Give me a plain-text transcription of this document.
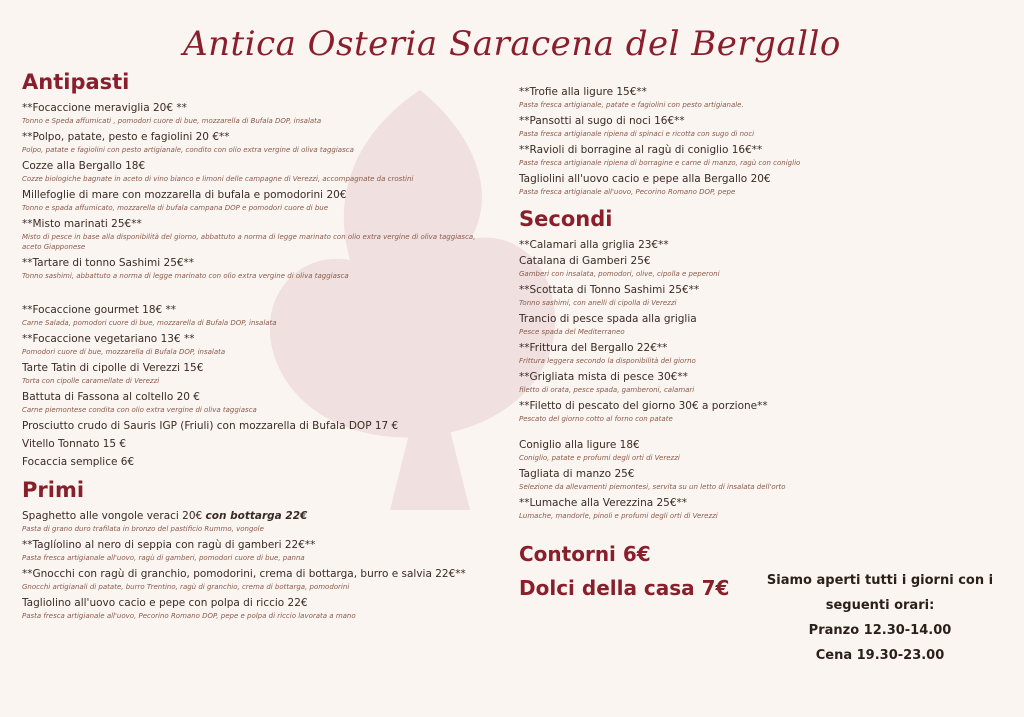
Antica Osteria Saracena del Bergallo
Antipasti
**Focaccione meraviglia 20€ **
Tonno e Speda affumicati , pomodori cuore di bue, mozzarella di Bufala DOP, insalata
**Polpo, patate, pesto e fagiolini 20 €**
Polpo, patate e fagiolini con pesto artigianale, condito con olio extra vergine di oliva taggiasca
Cozze alla Bergallo 18€
Cozze biologiche bagnate in aceto di vino bianco e limoni delle campagne di Verezzi, accompagnate da crostini
Millefoglie di mare con mozzarella di bufala e pomodorini 20€
Tonno e spada affumicato, mozzarella di bufala campana DOP e pomodori cuore di bue
**Misto marinati 25€**
Misto di pesce in base alla disponibilità del giorno, abbattuto a norma di legge marinato con olio extra vergine di oliva taggiasca, aceto Giapponese
**Tartare di tonno Sashimi 25€**
Tonno sashimi, abbattuto a norma di legge marinato con olio extra vergine di oliva taggiasca
**Focaccione gourmet 18€ **
Carne Salada, pomodori cuore di bue, mozzarella di Bufala DOP, insalata
**Focaccione vegetariano 13€ **
Pomodori cuore di bue, mozzarella di Bufala DOP, insalata
Tarte Tatin di cipolle di Verezzi 15€
Torta con cipolle caramellate di Verezzi
Battuta di Fassona al coltello 20 €
Carne piemontese condita con olio extra vergine di oliva taggiasca
Prosciutto crudo di Sauris IGP (Friuli) con mozzarella di Bufala DOP 17 €
Vitello Tonnato 15 €
Focaccia semplice 6€
Primi
Spaghetto alle vongole veraci 20€ con bottarga 22€
Pasta di grano duro trafilata in bronzo del pastificio Rummo, vongole
**Taglíolino al nero di seppia con ragù di gamberi 22€**
Pasta fresca artigianale all'uovo, ragù di gamberi, pomodori cuore di bue, panna
**Gnocchi con ragù di granchio, pomodorini, crema di bottarga, burro e salvia 22€**
Gnocchi artigianali di patate, burro Trentino, ragù di granchio, crema di bottarga, pomodorini
Tagliolino all'uovo cacio e pepe con polpa di riccio 22€
Pasta fresca artigianale all'uovo, Pecorino Romano DOP, pepe e polpa di riccio lavorata a mano
**Trofie alla ligure 15€**
Pasta fresca artigianale, patate e fagiolini con pesto artigianale.
**Pansotti al sugo di noci 16€**
Pasta fresca artigianale ripiena di spinaci e ricotta con sugo di noci
**Ravioli di borragine al ragù di coniglio 16€**
Pasta fresca artigianale ripiena di borragine e carne di manzo, ragù con coniglio
Tagliolini all'uovo cacio e pepe alla Bergallo 20€
Pasta fresca artigianale all'uovo, Pecorino Romano DOP, pepe
Secondi
**Calamari alla griglia 23€**
Catalana di Gamberi 25€
Gamberi con insalata, pomodori, olive, cipolla e peperoni
**Scottata di Tonno Sashimi 25€**
Tonno sashimi, con anelli di cipolla di Verezzi
Trancio di pesce spada alla griglia
Pesce spada del Mediterraneo
**Frittura del Bergallo 22€**
Frittura leggera secondo la disponibilità del giorno
**Grigliata mista di pesce 30€**
filetto di orata, pesce spada, gamberoni, calamari
**Filetto di pescato del giorno 30€ a porzione**
Pescato del giorno cotto al forno con patate
Coniglio alla ligure 18€
Coniglio, patate e profumi degli orti di Verezzi
Tagliata di manzo 25€
Selezione da allevamenti piemontesi, servita su un letto di insalata dell'orto
**Lumache alla Verezzina 25€**
Lumache, mandorle, pinoli e profumi degli orti di Verezzi
Contorni 6€
Dolci della casa 7€	Siamo aperti tutti i giorni con i
seguenti orari:
Pranzo 12.30-14.00
Cena 19.30-23.00
